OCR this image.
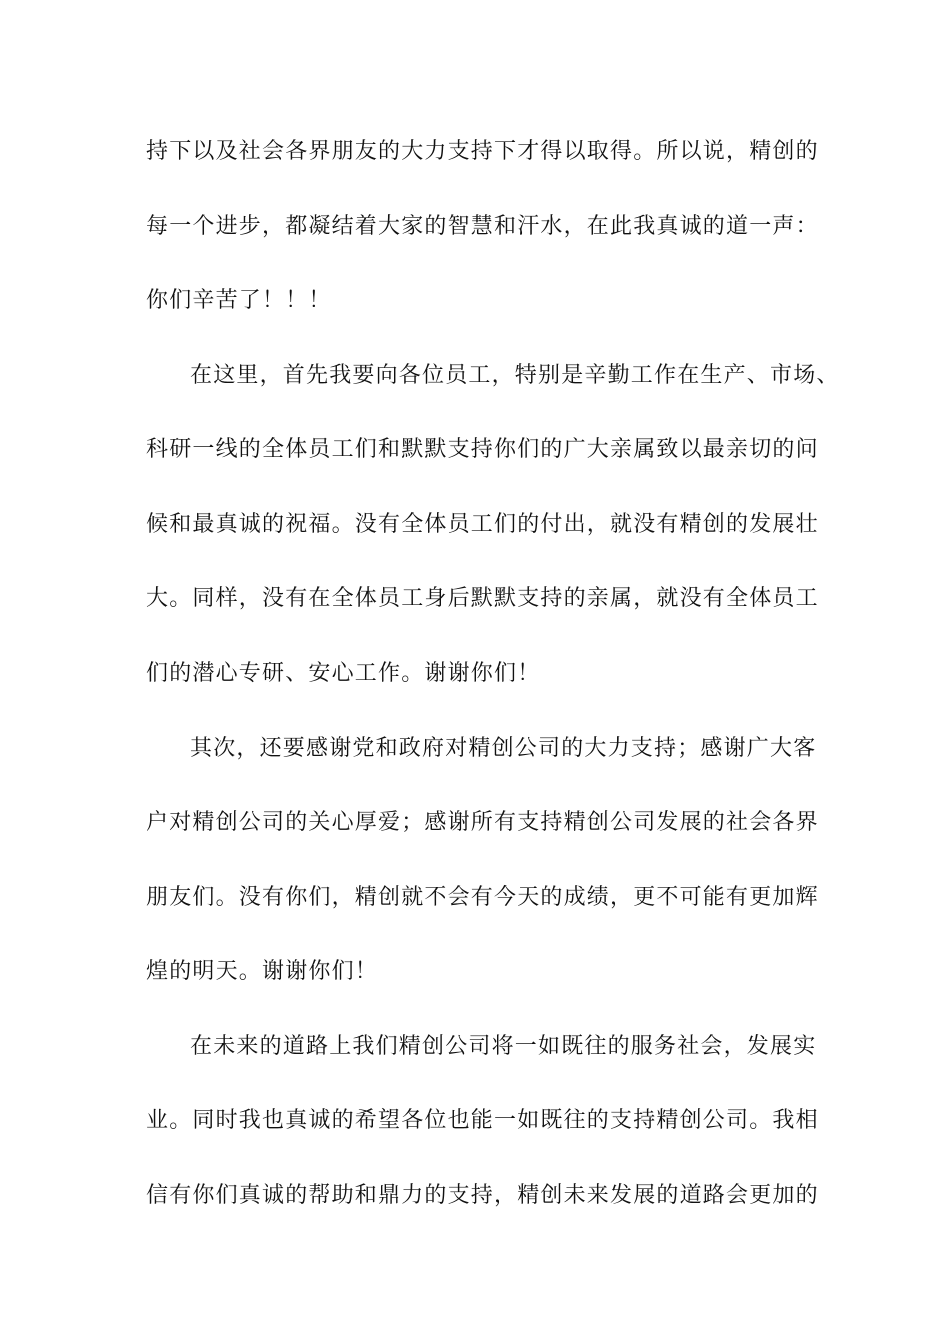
持下以及社会各界朋友的大力支持下才得以取得。所以说，精创的
每一个进步，都凝结着大家的智慧和汗水，在此我真诚的道一声：
你们辛苦了！！！
在这里，首先我要向各位员工，特别是辛勤工作在生产、市场、
科研一线的全体员工们和默默支持你们的广大亲属致以最亲切的问
候和最真诚的祝福。没有全体员工们的付出，就没有精创的发展壮
大。同样，没有在全体员工身后默默支持的亲属，就没有全体员工
们的潜心专研、安心工作。谢谢你们！
其次，还要感谢党和政府对精创公司的大力支持；感谢广大客
户对精创公司的关心厚爱；感谢所有支持精创公司发展的社会各界
朋友们。没有你们，精创就不会有今天的成绩，更不可能有更加辉
煌的明天。谢谢你们！
在未来的道路上我们精创公司将一如既往的服务社会，发展实
业。同时我也真诚的希望各位也能一如既往的支持精创公司。我相
信有你们真诚的帮助和鼎力的支持，精创未来发展的道路会更加的
